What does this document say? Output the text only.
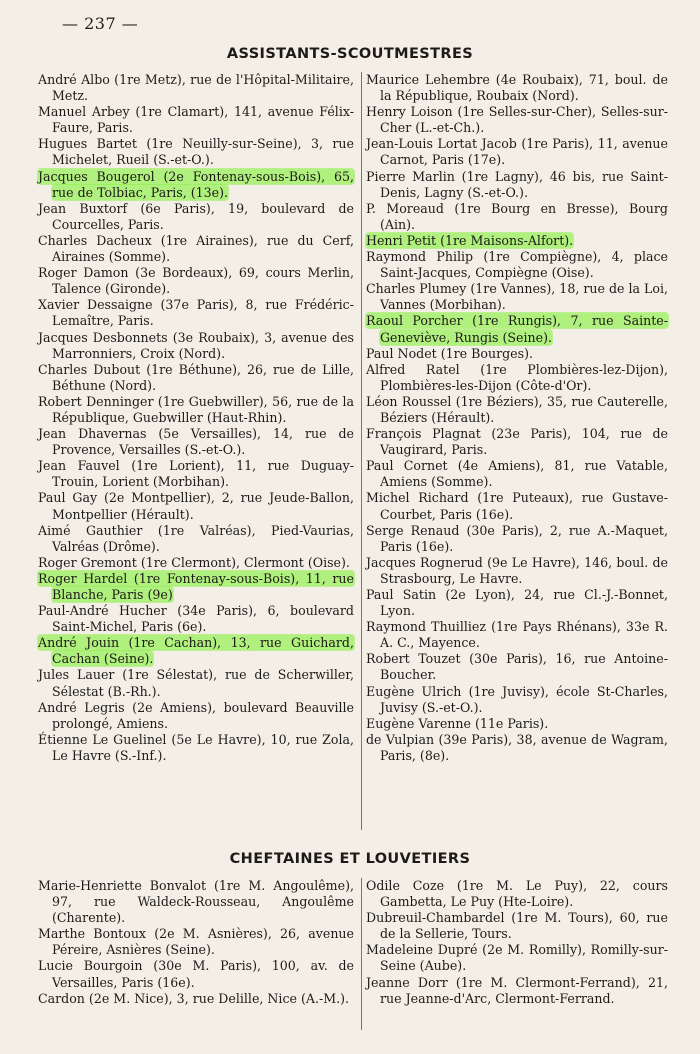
— 237 —
ASSISTANTS-SCOUTMESTRES

André Albo (1re Metz), rue de l'Hôpital-Militaire, Metz.

Manuel Arbey (1re Clamart), 141, avenue Félix-Faure, Paris.

Hugues Bartet (1re Neuilly-sur-Seine), 3, rue Michelet, Rueil (S.-et-O.).

Jacques Bougerol (2e Fontenay-sous-Bois), 65, rue de Tolbiac, Paris, (13e).

Jean Buxtorf (6e Paris), 19, boulevard de Courcelles, Paris.

Charles Dacheux (1re Airaines), rue du Cerf, Airaines (Somme).

Roger Damon (3e Bordeaux), 69, cours Merlin, Talence (Gironde).

Xavier Dessaigne (37e Paris), 8, rue Frédéric-Lemaître, Paris.

Jacques Desbonnets (3e Roubaix), 3, avenue des Marronniers, Croix (Nord).

Charles Dubout (1re Béthune), 26, rue de Lille, Béthune (Nord).

Robert Denninger (1re Guebwiller), 56, rue de la République, Guebwiller (Haut-Rhin).

Jean Dhavernas (5e Versailles), 14, rue de Provence, Versailles (S.-et-O.).

Jean Fauvel (1re Lorient), 11, rue Duguay-Trouin, Lorient (Morbihan).

Paul Gay (2e Montpellier), 2, rue Jeude-Ballon, Montpellier (Hérault).

Aimé Gauthier (1re Valréas), Pied-Vaurias, Valréas (Drôme).

Roger Gremont (1re Clermont), Clermont (Oise).

Roger Hardel (1re Fontenay-sous-Bois), 11, rue Blanche, Paris (9e)

Paul-André Hucher (34e Paris), 6, boulevard Saint-Michel, Paris (6e).

André Jouin (1re Cachan), 13, rue Guichard, Cachan (Seine).

Jules Lauer (1re Sélestat), rue de Scherwiller, Sélestat (B.-Rh.).

André Legris (2e Amiens), boulevard Beauville prolongé, Amiens.

Étienne Le Guelinel (5e Le Havre), 10, rue Zola, Le Havre (S.-Inf.).

Maurice Lehembre (4e Roubaix), 71, boul. de la République, Roubaix (Nord).

Henry Loison (1re Selles-sur-Cher), Selles-sur-Cher (L.-et-Ch.).

Jean-Louis Lortat Jacob (1re Paris), 11, avenue Carnot, Paris (17e).

Pierre Marlin (1re Lagny), 46 bis, rue Saint-Denis, Lagny (S.-et-O.).

P. Moreaud (1re Bourg en Bresse), Bourg (Ain).

Henri Petit (1re Maisons-Alfort).

Raymond Philip (1re Compiègne), 4, place Saint-Jacques, Compiègne (Oise).

Charles Plumey (1re Vannes), 18, rue de la Loi, Vannes (Morbihan).

Raoul Porcher (1re Rungis), 7, rue Sainte-Geneviève, Rungis (Seine).

Paul Nodet (1re Bourges).

Alfred Ratel (1re Plombières-lez-Dijon), Plombières-les-Dijon (Côte-d'Or).

Léon Roussel (1re Béziers), 35, rue Cauterelle, Béziers (Hérault).

François Plagnat (23e Paris), 104, rue de Vaugirard, Paris.

Paul Cornet (4e Amiens), 81, rue Vatable, Amiens (Somme).

Michel Richard (1re Puteaux), rue Gustave-Courbet, Paris (16e).

Serge Renaud (30e Paris), 2, rue A.-Maquet, Paris (16e).

Jacques Rognerud (9e Le Havre), 146, boul. de Strasbourg, Le Havre.

Paul Satin (2e Lyon), 24, rue Cl.-J.-Bonnet, Lyon.

Raymond Thuilliez (1re Pays Rhénans), 33e R. A. C., Mayence.

Robert Touzet (30e Paris), 16, rue Antoine-Boucher.

Eugène Ulrich (1re Juvisy), école St-Charles, Juvisy (S.-et-O.).

Eugène Varenne (11e Paris).

de Vulpian (39e Paris), 38, avenue de Wagram, Paris, (8e).

CHEFTAINES ET LOUVETIERS

Marie-Henriette Bonvalot (1re M. Angoulême), 97, rue Waldeck-Rousseau, Angoulême (Charente).

Marthe Bontoux (2e M. Asnières), 26, avenue Péreire, Asnières (Seine).

Lucie Bourgoin (30e M. Paris), 100, av. de Versailles, Paris (16e).

Cardon (2e M. Nice), 3, rue Delille, Nice (A.-M.).

Odile Coze (1re M. Le Puy), 22, cours Gambetta, Le Puy (Hte-Loire).

Dubreuil-Chambardel (1re M. Tours), 60, rue de la Sellerie, Tours.

Madeleine Dupré (2e M. Romilly), Romilly-sur-Seine (Aube).

Jeanne Dorr (1re M. Clermont-Ferrand), 21, rue Jeanne-d'Arc, Clermont-Ferrand.
